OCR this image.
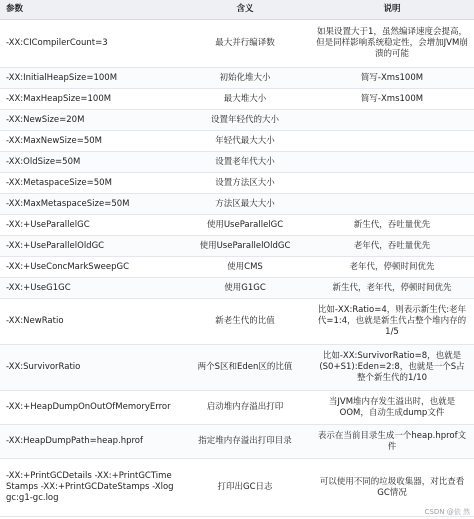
参数	含义	说明
-XX:CICompilerCount=3	最大并行编译数	如果设置大于1，虽然编译速度会提高，但是同样影响系统稳定性，会增加JVM崩溃的可能
-XX:InitialHeapSize=100M	初始化堆大小	简写-Xms100M
-XX:MaxHeapSize=100M	最大堆大小	简写-Xms100M
-XX:NewSize=20M	设置年轻代的大小	
-XX:MaxNewSize=50M	年轻代最大大小	
-XX:OldSize=50M	设置老年代大小	
-XX:MetaspaceSize=50M	设置方法区大小	
-XX:MaxMetaspaceSize=50M	方法区最大大小	
-XX:+UseParallelGC	使用UseParallelGC	新生代，吞吐量优先
-XX:+UseParallelOldGC	使用UseParallelOldGC	老年代，吞吐量优先
-XX:+UseConcMarkSweepGC	使用CMS	老年代，停顿时间优先
-XX:+UseG1GC	使用G1GC	新生代，老年代，停顿时间优先
-XX:NewRatio	新老生代的比值	比如-XX:Ratio=4，则表示新生代:老年代=1:4，也就是新生代占整个堆内存的1/5
-XX:SurvivorRatio	两个S区和Eden区的比值	比如-XX:SurvivorRatio=8，也就是(S0+S1):Eden=2:8，也就是一个S占整个新生代的1/10
-XX:+HeapDumpOnOutOfMemoryError	启动堆内存溢出打印	当JVM堆内存发生溢出时，也就是OOM，自动生成dump文件
-XX:HeapDumpPath=heap.hprof	指定堆内存溢出打印目录	表示在当前目录生成一个heap.hprof文件
-XX:+PrintGCDetails -XX:+PrintGCTimeStamps -XX:+PrintGCDateStamps -Xloggc:g1-gc.log	打印出GC日志	可以使用不同的垃圾收集器，对比查看GC情况
CSDN @依 然
